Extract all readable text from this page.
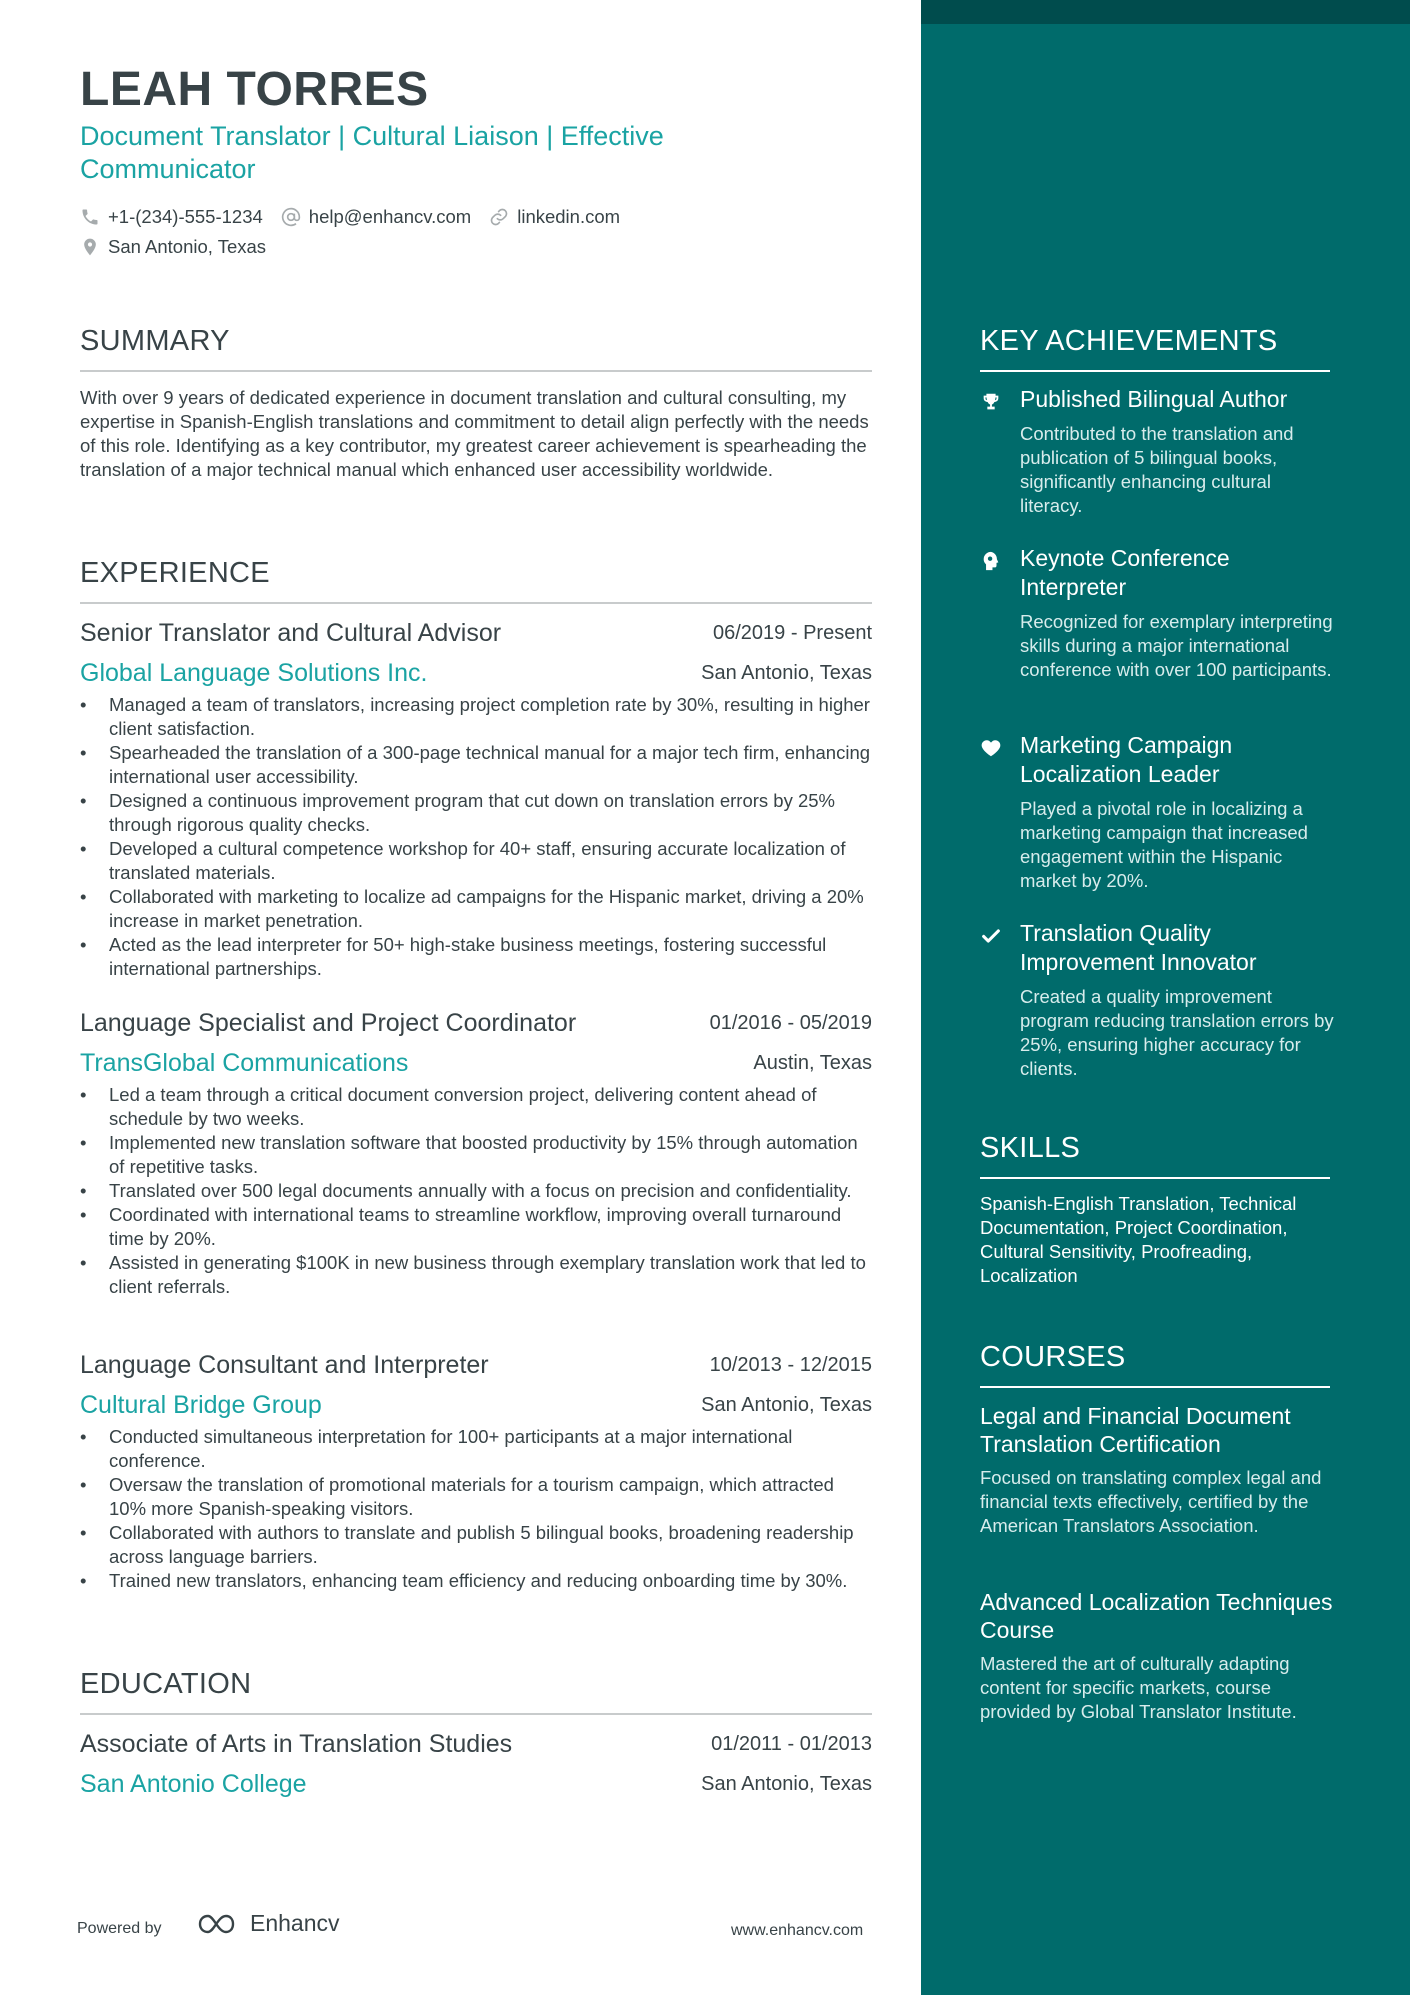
LEAH TORRES
Document Translator | Cultural Liaison | Effective Communicator
+1-(234)-555-1234 help@enhancv.com linkedin.com
San Antonio, Texas
SUMMARY
With over 9 years of dedicated experience in document translation and cultural consulting, my expertise in Spanish-English translations and commitment to detail align perfectly with the needs of this role. Identifying as a key contributor, my greatest career achievement is spearheading the translation of a major technical manual which enhanced user accessibility worldwide.
EXPERIENCE
Senior Translator and Cultural Advisor	06/2019 - Present
Global Language Solutions Inc.	San Antonio, Texas
• Managed a team of translators, increasing project completion rate by 30%, resulting in higher client satisfaction.
• Spearheaded the translation of a 300-page technical manual for a major tech firm, enhancing international user accessibility.
• Designed a continuous improvement program that cut down on translation errors by 25% through rigorous quality checks.
• Developed a cultural competence workshop for 40+ staff, ensuring accurate localization of translated materials.
• Collaborated with marketing to localize ad campaigns for the Hispanic market, driving a 20% increase in market penetration.
• Acted as the lead interpreter for 50+ high-stake business meetings, fostering successful international partnerships.
Language Specialist and Project Coordinator	01/2016 - 05/2019
TransGlobal Communications	Austin, Texas
• Led a team through a critical document conversion project, delivering content ahead of schedule by two weeks.
• Implemented new translation software that boosted productivity by 15% through automation of repetitive tasks.
• Translated over 500 legal documents annually with a focus on precision and confidentiality.
• Coordinated with international teams to streamline workflow, improving overall turnaround time by 20%.
• Assisted in generating $100K in new business through exemplary translation work that led to client referrals.
Language Consultant and Interpreter	10/2013 - 12/2015
Cultural Bridge Group	San Antonio, Texas
• Conducted simultaneous interpretation for 100+ participants at a major international conference.
• Oversaw the translation of promotional materials for a tourism campaign, which attracted 10% more Spanish-speaking visitors.
• Collaborated with authors to translate and publish 5 bilingual books, broadening readership across language barriers.
• Trained new translators, enhancing team efficiency and reducing onboarding time by 30%.
EDUCATION
Associate of Arts in Translation Studies	01/2011 - 01/2013
San Antonio College	San Antonio, Texas
Powered by	Enhancv	www.enhancv.com
KEY ACHIEVEMENTS
Published Bilingual Author
Contributed to the translation and publication of 5 bilingual books, significantly enhancing cultural literacy.
Keynote Conference Interpreter
Recognized for exemplary interpreting skills during a major international conference with over 100 participants.
Marketing Campaign Localization Leader
Played a pivotal role in localizing a marketing campaign that increased engagement within the Hispanic market by 20%.
Translation Quality Improvement Innovator
Created a quality improvement program reducing translation errors by 25%, ensuring higher accuracy for clients.
SKILLS
Spanish-English Translation, Technical Documentation, Project Coordination, Cultural Sensitivity, Proofreading, Localization
COURSES
Legal and Financial Document Translation Certification
Focused on translating complex legal and financial texts effectively, certified by the American Translators Association.
Advanced Localization Techniques Course
Mastered the art of culturally adapting content for specific markets, course provided by Global Translator Institute.
